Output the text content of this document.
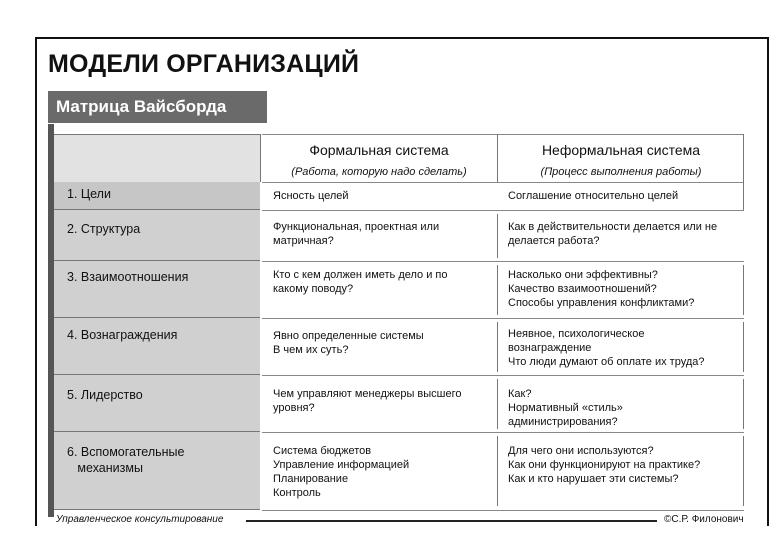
МОДЕЛИ ОРГАНИЗАЦИЙ
Матрица Вайсборда
Формальная система
(Работа, которую надо сделать)
Неформальная система
(Процесс выполнения работы)
1. Цели
2. Структура
3. Взаимоотношения
4. Вознаграждения
5. Лидерство
6. Вспомогательные
механизмы
Ясность целей
Функциональная, проектная или
матричная?
Кто с кем должен иметь дело и по
какому поводу?
Явно определенные системы
В чем их суть?
Чем управляют менеджеры высшего
уровня?
Система бюджетов
Управление информацией
Планирование
Контроль
Соглашение относительно целей
Как в действительности делается или не
делается работа?
Насколько они эффективны?
Качество взаимоотношений?
Способы управления конфликтами?
Неявное, психологическое
вознаграждение
Что люди думают об оплате их труда?
Как?
Нормативный «стиль»
администрирования?
Для чего они используются?
Как они функционируют на практике?
Как и кто нарушает эти системы?
Управленческое консультирование	©С.Р. Филонович
